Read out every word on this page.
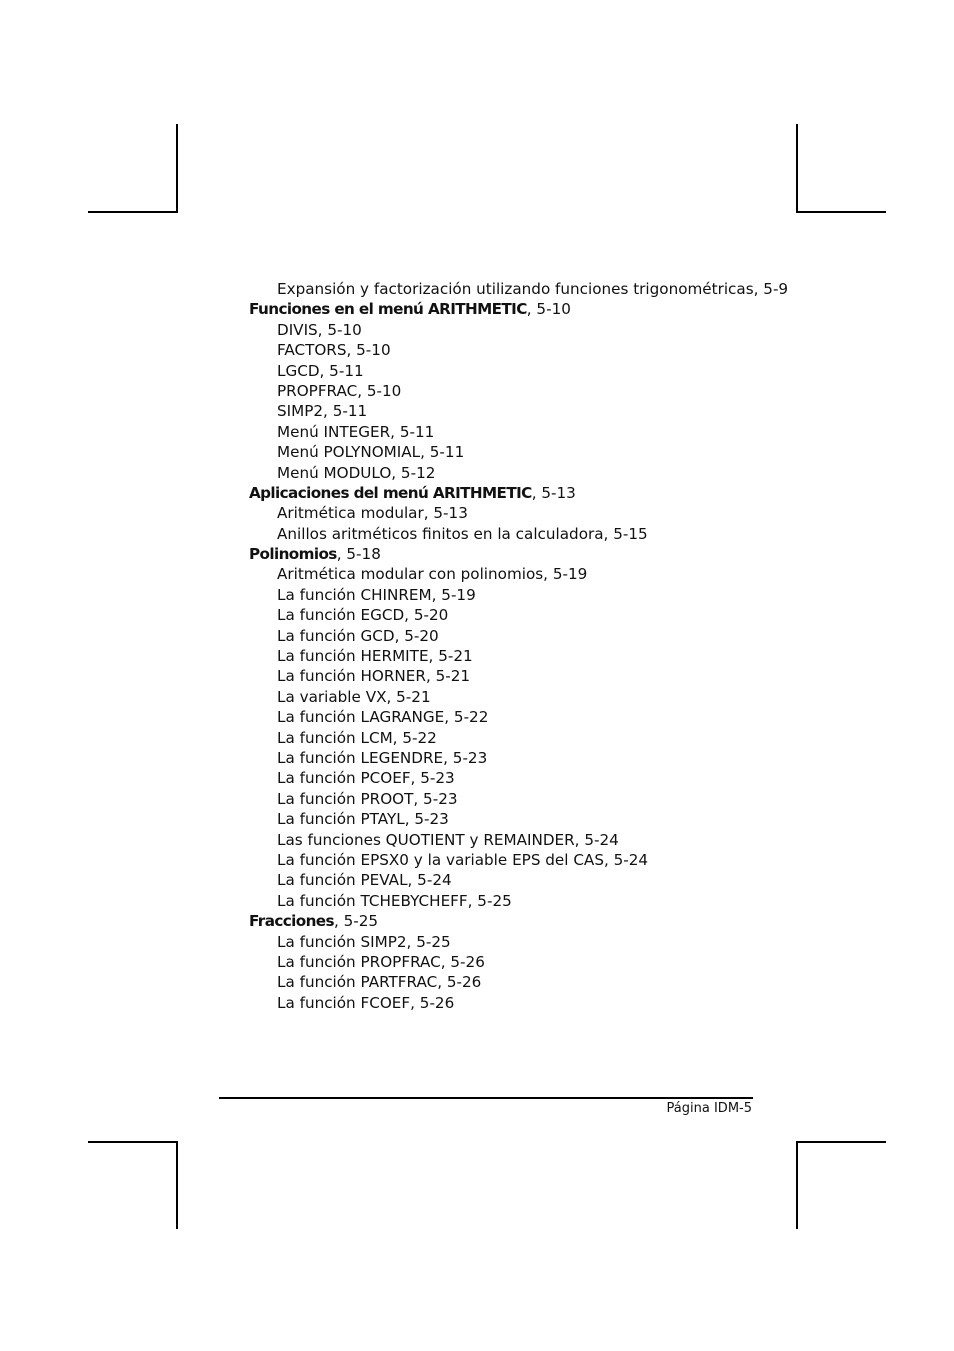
Expansión y factorización utilizando funciones trigonométricas, 5-9
Funciones en el menú ARITHMETIC, 5-10
DIVIS, 5-10
FACTORS, 5-10
LGCD, 5-11
PROPFRAC, 5-10
SIMP2, 5-11
Menú INTEGER, 5-11
Menú POLYNOMIAL, 5-11
Menú MODULO, 5-12
Aplicaciones del menú ARITHMETIC, 5-13
Aritmética modular, 5-13
Anillos aritméticos finitos en la calculadora, 5-15
Polinomios, 5-18
Aritmética modular con polinomios, 5-19
La función CHINREM, 5-19
La función EGCD, 5-20
La función GCD, 5-20
La función HERMITE, 5-21
La función HORNER, 5-21
La variable VX, 5-21
La función LAGRANGE, 5-22
La función LCM, 5-22
La función LEGENDRE, 5-23
La función PCOEF, 5-23
La función PROOT, 5-23
La función PTAYL, 5-23
Las funciones QUOTIENT y REMAINDER, 5-24
La función EPSX0 y la variable EPS del CAS, 5-24
La función PEVAL, 5-24
La función TCHEBYCHEFF, 5-25
Fracciones, 5-25
La función SIMP2, 5-25
La función PROPFRAC, 5-26
La función PARTFRAC, 5-26
La función FCOEF, 5-26
Página IDM-5
